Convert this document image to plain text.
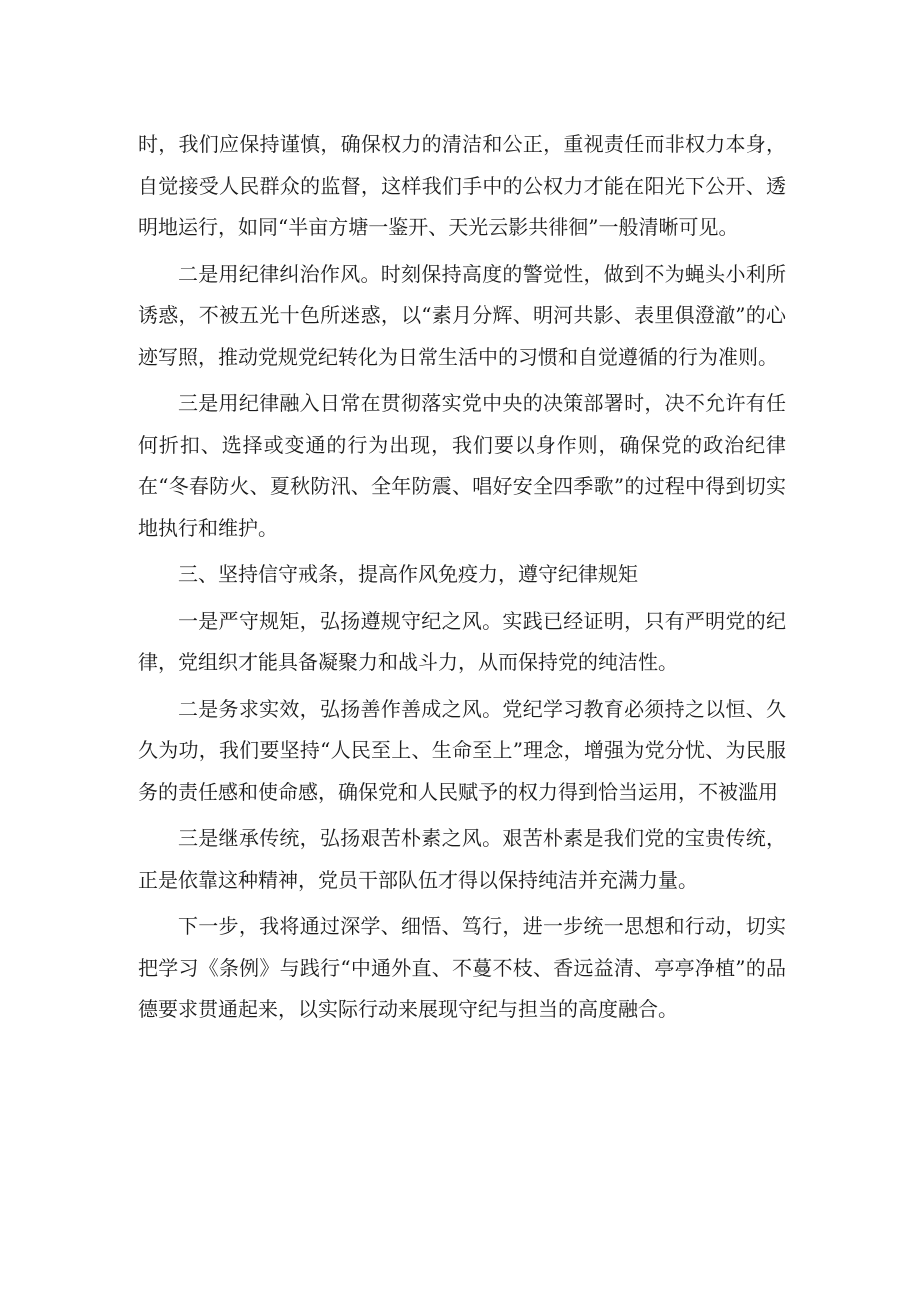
时，我们应保持谨慎，确保权力的清洁和公正，重视责任而非权力本身，自觉接受人民群众的监督，这样我们手中的公权力才能在阳光下公开、透明地运行，如同“半亩方塘一鉴开、天光云影共徘徊”一般清晰可见。

二是用纪律纠治作风。时刻保持高度的警觉性，做到不为蝇头小利所诱惑，不被五光十色所迷惑，以“素月分辉、明河共影、表里俱澄澈”的心迹写照，推动党规党纪转化为日常生活中的习惯和自觉遵循的行为准则。

三是用纪律融入日常在贯彻落实党中央的决策部署时，决不允许有任何折扣、选择或变通的行为出现，我们要以身作则，确保党的政治纪律在“冬春防火、夏秋防汛、全年防震、唱好安全四季歌”的过程中得到切实地执行和维护。

三、坚持信守戒条，提高作风免疫力，遵守纪律规矩

一是严守规矩，弘扬遵规守纪之风。实践已经证明，只有严明党的纪律，党组织才能具备凝聚力和战斗力，从而保持党的纯洁性。

二是务求实效，弘扬善作善成之风。党纪学习教育必须持之以恒、久久为功，我们要坚持“人民至上、生命至上”理念，增强为党分忧、为民服务的责任感和使命感，确保党和人民赋予的权力得到恰当运用，不被滥用

三是继承传统，弘扬艰苦朴素之风。艰苦朴素是我们党的宝贵传统，正是依靠这种精神，党员干部队伍才得以保持纯洁并充满力量。

下一步，我将通过深学、细悟、笃行，进一步统一思想和行动，切实把学习《条例》与践行“中通外直、不蔓不枝、香远益清、亭亭净植”的品德要求贯通起来，以实际行动来展现守纪与担当的高度融合。
